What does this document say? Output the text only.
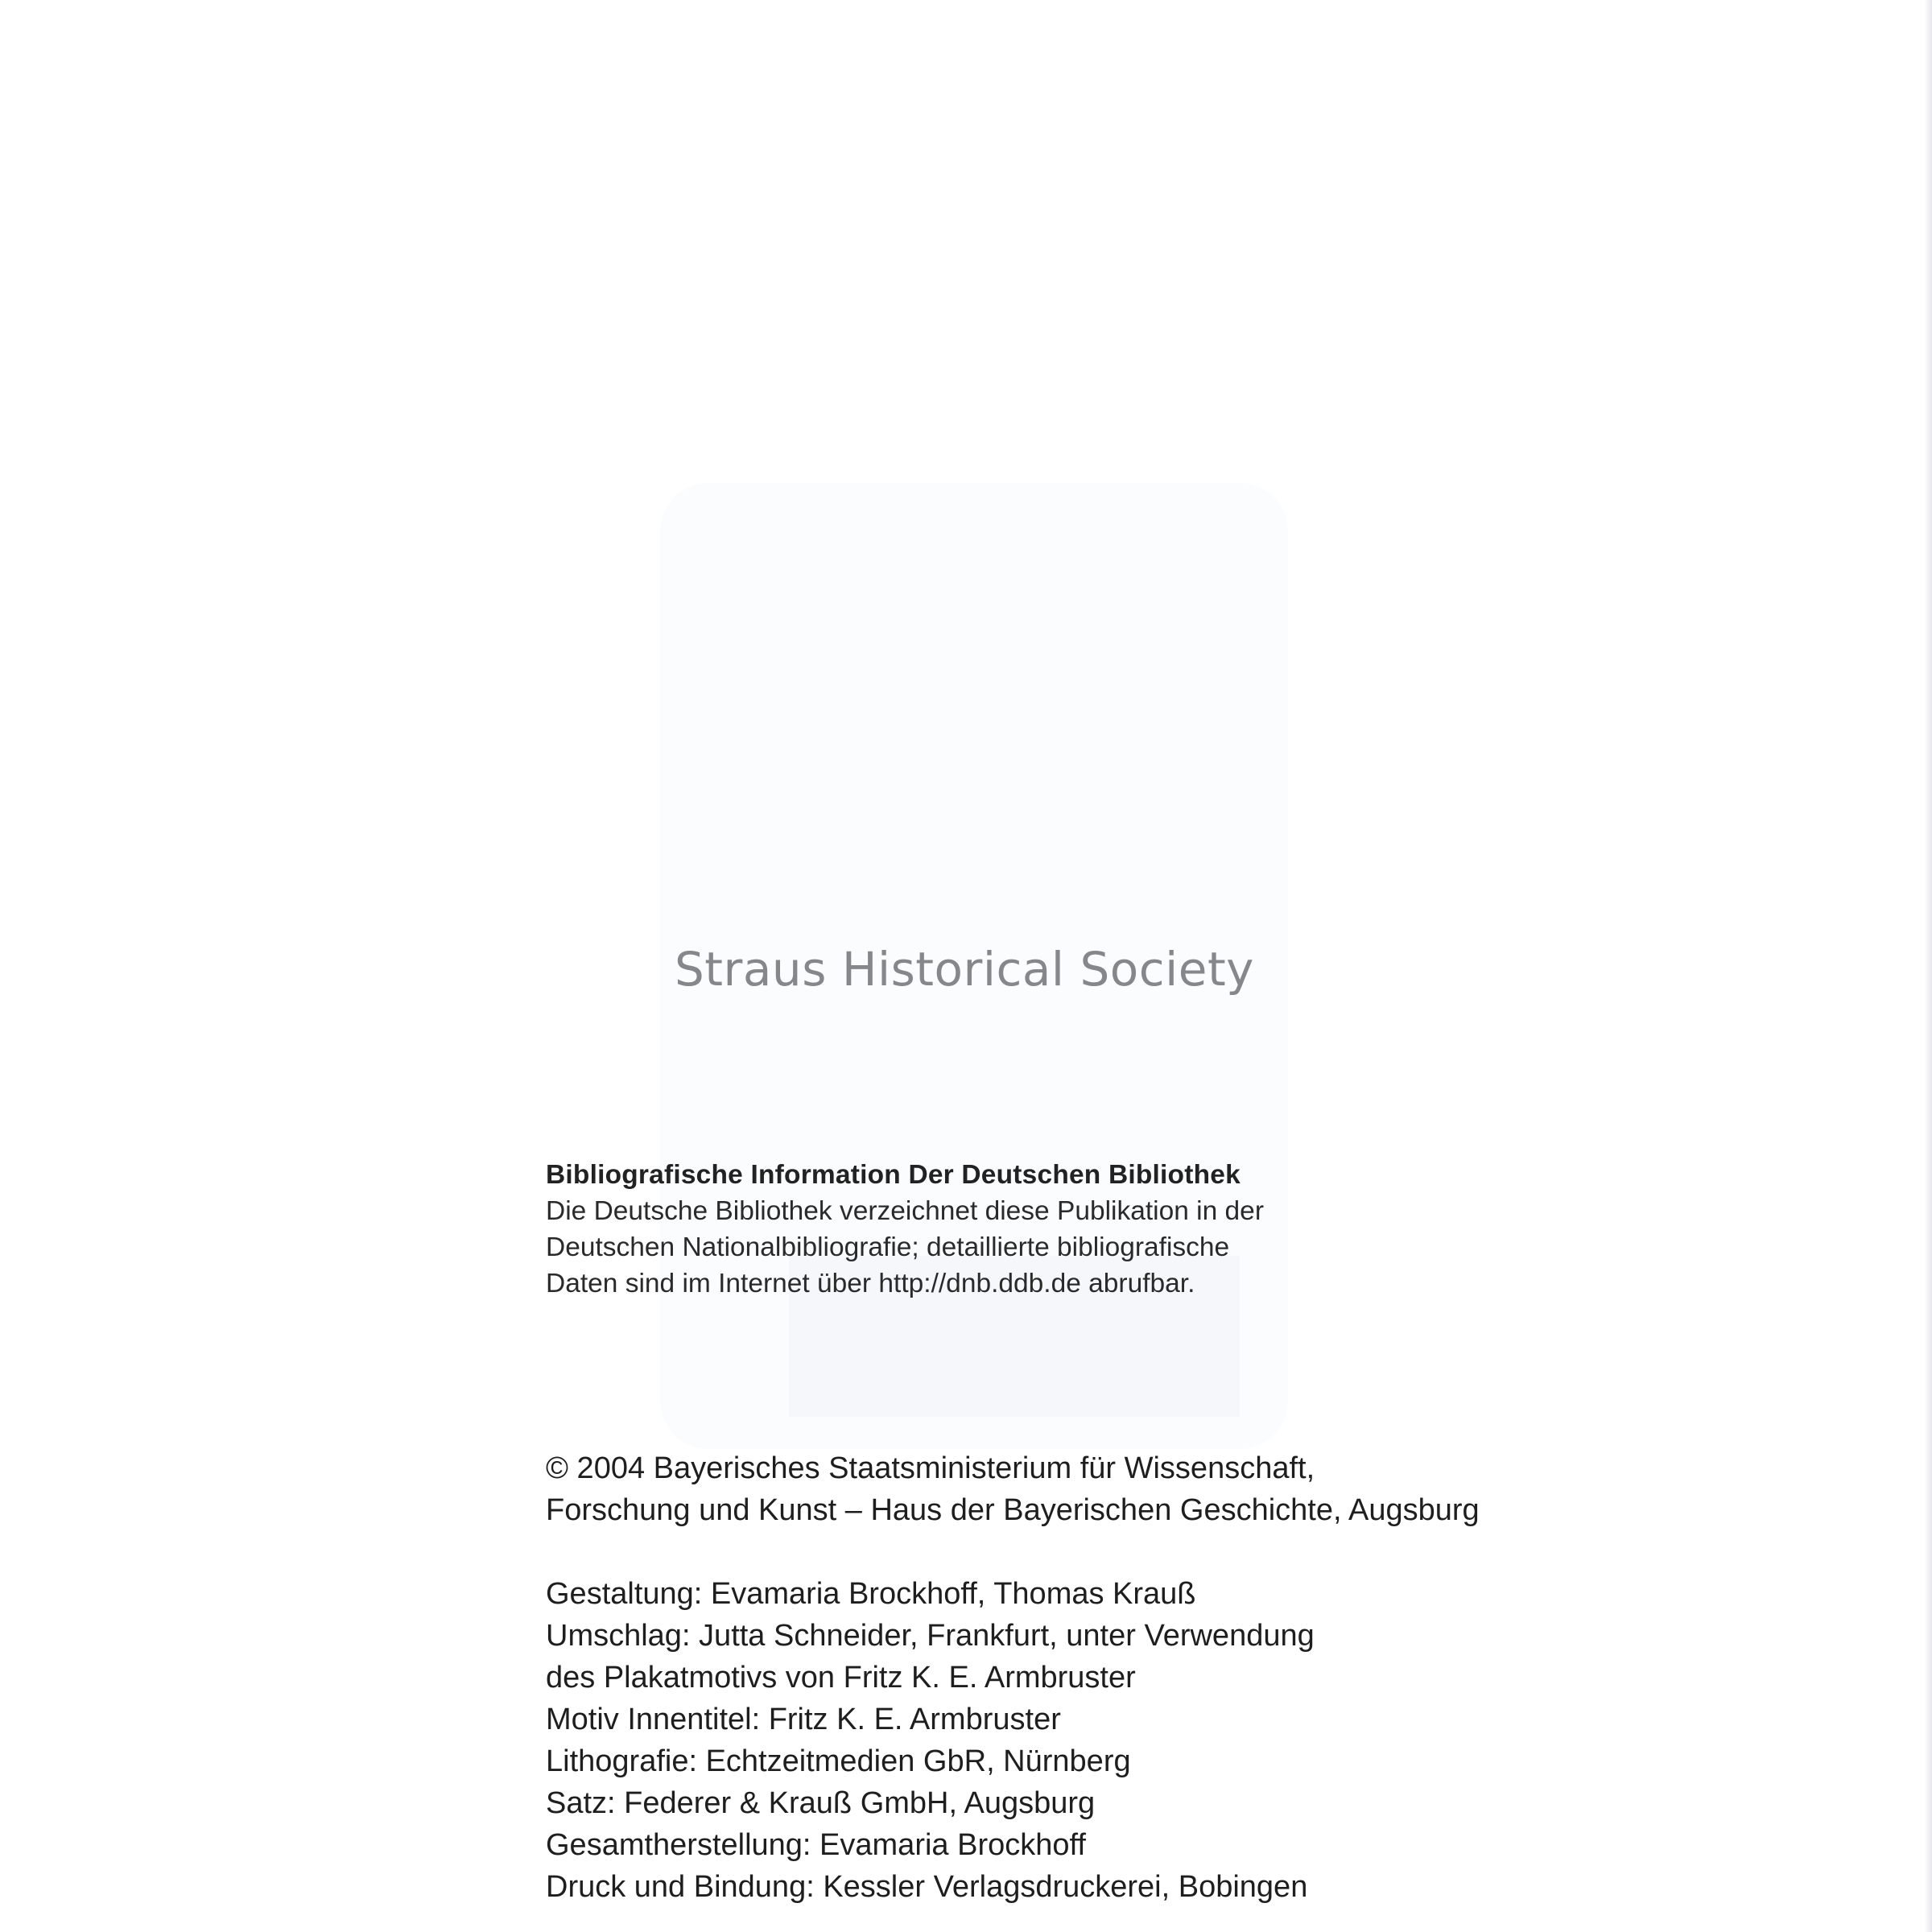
Straus Historical Society
Bibliografische Information Der Deutschen Bibliothek
Die Deutsche Bibliothek verzeichnet diese Publikation in der
Deutschen Nationalbibliografie; detaillierte bibliografische
Daten sind im Internet über http://dnb.ddb.de abrufbar.
© 2004 Bayerisches Staatsministerium für Wissenschaft,
Forschung und Kunst – Haus der Bayerischen Geschichte, Augsburg
Gestaltung: Evamaria Brockhoff, Thomas Krauß
Umschlag: Jutta Schneider, Frankfurt, unter Verwendung
des Plakatmotivs von Fritz K. E. Armbruster
Motiv Innentitel: Fritz K. E. Armbruster
Lithografie: Echtzeitmedien GbR, Nürnberg
Satz: Federer & Krauß GmbH, Augsburg
Gesamtherstellung: Evamaria Brockhoff
Druck und Bindung: Kessler Verlagsdruckerei, Bobingen
